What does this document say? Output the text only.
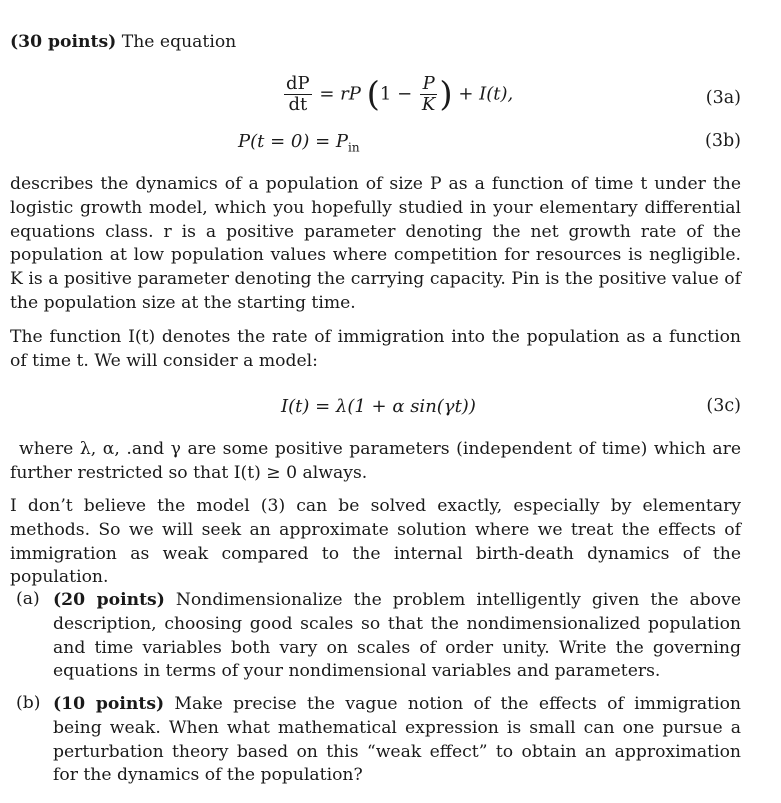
(30 points) The equation

$\frac{dP}{dt}$ = rP ($1 - \frac{P}{K}$ ) + I(t),	(3a)
$P(t = 0) = P_{in}$	(3b)

describes the dynamics of a population of size P as a function of time t under the logistic growth model, which you hopefully studied in your elementary differential equations class. r is a positive parameter denoting the net growth rate of the population at low population values where competition for resources is negligible. K is a positive parameter denoting the carrying capacity. Pin is the positive value of the population size at the starting time.

The function I(t) denotes the rate of immigration into the population as a function of time t. We will consider a model:

I(t) = λ(1 + α sin(γt))	(3c)

where λ, α, .and γ are some positive parameters (independent of time) which are further restricted so that I(t) ≥ 0 always.

I don’t believe the model (3) can be solved exactly, especially by elementary methods. So we will seek an approximate solution where we treat the effects of immigration as weak compared to the internal birth-death dynamics of the population.

(a) (20 points) Nondimensionalize the problem intelligently given the above description, choosing good scales so that the nondimensionalized population and time variables both vary on scales of order unity. Write the governing equations in terms of your nondimensional variables and parameters.

(b) (10 points) Make precise the vague notion of the effects of immigration being weak. When what mathematical expression is small can one pursue a perturbation theory based on this “weak effect” to obtain an approximation for the dynamics of the population?
